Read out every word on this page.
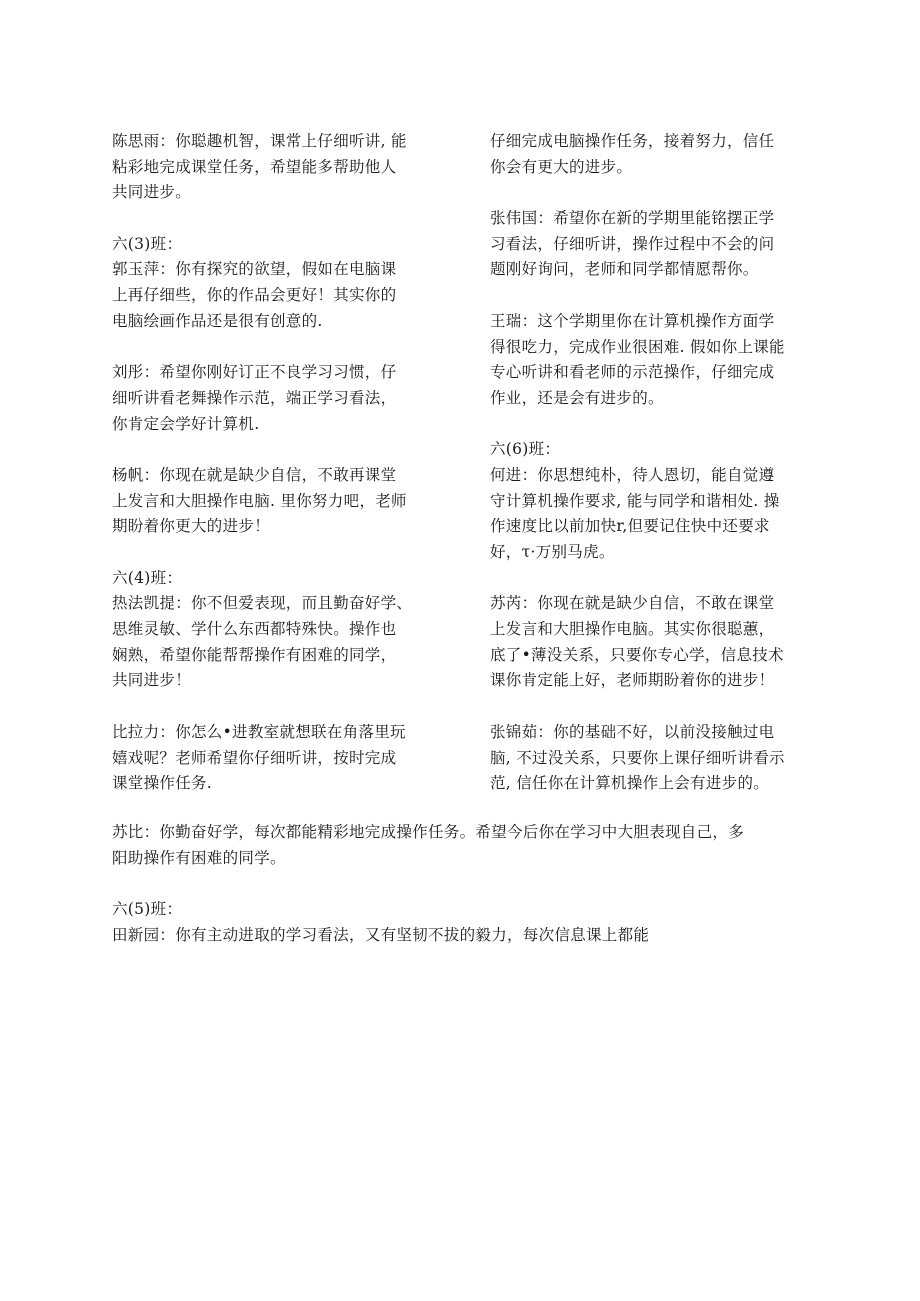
陈思雨：你聪趣机智，课常上仔细听讲, 能
粘彩地完成课堂任务，希望能多帮助他人
共同进步。
六(3)班：
郭玉萍：你有探究的欲望，假如在电脑课
上再仔细些，你的作品会更好！其实你的
电脑绘画作品还是很有创意的.
刘彤：希望你刚好订正不良学习习惯，仔
细听讲看老舞操作示范，端正学习看法，
你肯定会学好计算机.
杨帆：你现在就是缺少自信，不敢再课堂
上发言和大胆操作电脑. 里你努力吧，老师
期盼着你更大的进步！
六(4)班：
热法凯提：你不但爱表现，而且勤奋好学、
思维灵敏、学什么东西都特殊快。操作也
娴熟，希望你能帮帮操作有困难的同学，
共同进步！
比拉力：你怎么•进教室就想联在角落里玩
嬉戏呢？老师希望你仔细听讲，按时完成
课堂操作任务.
仔细完成电脑操作任务，接着努力，信任
你会有更大的进步。
张伟国：希望你在新的学期里能铭摆正学
习看法，仔细听讲，操作过程中不会的问
题刚好询问，老师和同学都情愿帮你。
王瑞：这个学期里你在计算机操作方面学
得很吃力，完成作业很困难. 假如你上课能
专心听讲和看老师的示范操作，仔细完成
作业，还是会有进步的。
六(6)班：
何进：你思想纯朴，待人恩切，能自觉遵
守计算机操作要求, 能与同学和谐相处. 操
作速度比以前加快r,但要记住快中还要求
好，τ·万别马虎。
苏芮：你现在就是缺少自信，不敢在课堂
上发言和大胆操作电脑。其实你很聪蕙，
底了•薄没关系，只要你专心学，信息技术
课你肯定能上好，老师期盼着你的进步！
张锦茹：你的基础不好，以前没接触过电
脑, 不过没关系，只要你上课仔细听讲看示
范, 信任你在计算机操作上会有进步的。
苏比：你勤奋好学，每次都能精彩地完成操作任务。希望今后你在学习中大胆表现自己，多
阳助操作有困难的同学。
六(5)班：
田新园：你有主动进取的学习看法，又有坚韧不拔的毅力，每次信息课上都能
